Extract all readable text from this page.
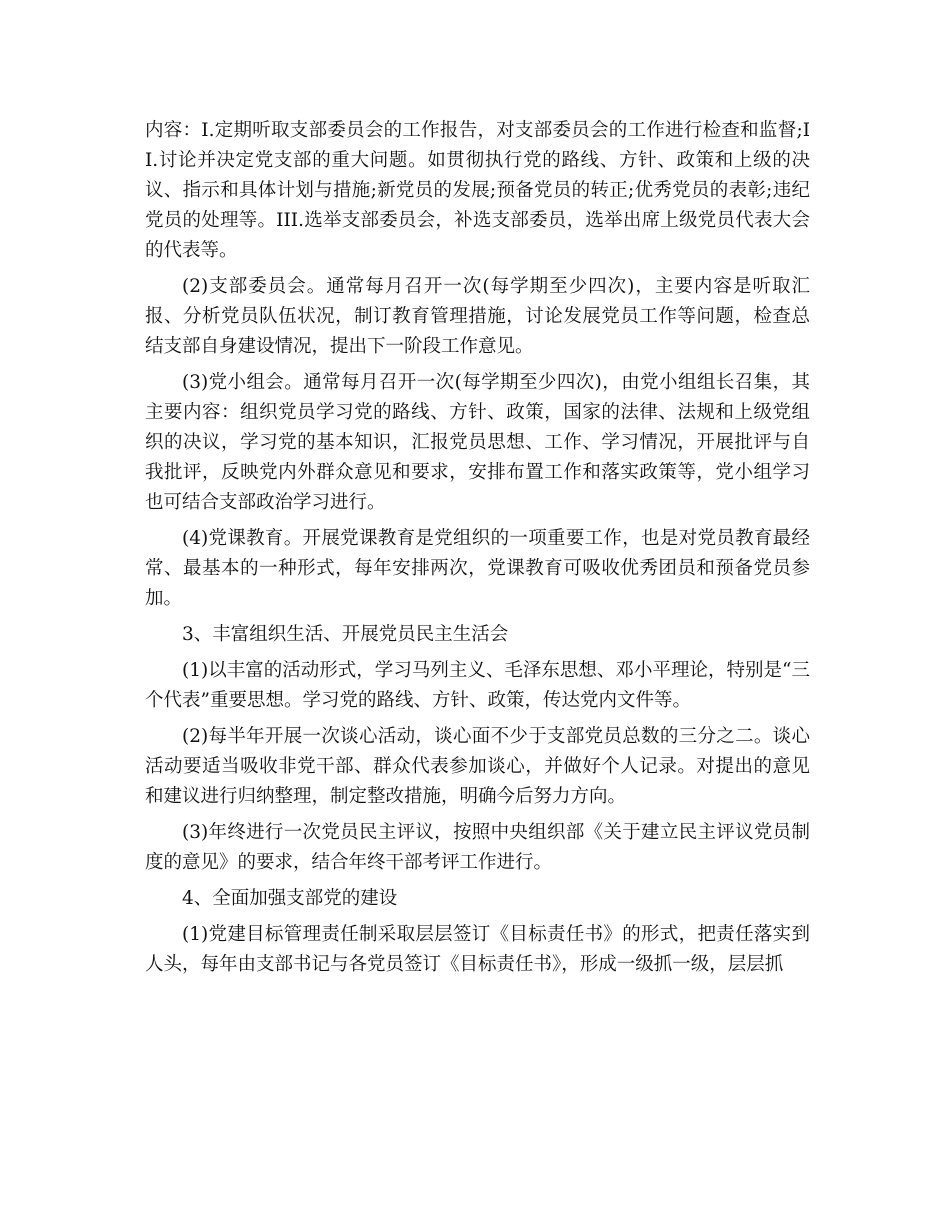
内容：I.定期听取支部委员会的工作报告，对支部委员会的工作进行检查和监督;II.讨论并决定党支部的重大问题。如贯彻执行党的路线、方针、政策和上级的决议、指示和具体计划与措施;新党员的发展;预备党员的转正;优秀党员的表彰;违纪党员的处理等。III.选举支部委员会，补选支部委员，选举出席上级党员代表大会的代表等。

(2)支部委员会。通常每月召开一次(每学期至少四次)，主要内容是听取汇报、分析党员队伍状况，制订教育管理措施，讨论发展党员工作等问题，检查总结支部自身建设情况，提出下一阶段工作意见。

(3)党小组会。通常每月召开一次(每学期至少四次)，由党小组组长召集，其主要内容：组织党员学习党的路线、方针、政策，国家的法律、法规和上级党组织的决议，学习党的基本知识，汇报党员思想、工作、学习情况，开展批评与自我批评，反映党内外群众意见和要求，安排布置工作和落实政策等，党小组学习也可结合支部政治学习进行。

(4)党课教育。开展党课教育是党组织的一项重要工作，也是对党员教育最经常、最基本的一种形式，每年安排两次，党课教育可吸收优秀团员和预备党员参加。

3、丰富组织生活、开展党员民主生活会

(1)以丰富的活动形式，学习马列主义、毛泽东思想、邓小平理论，特别是“三个代表”重要思想。学习党的路线、方针、政策，传达党内文件等。

(2)每半年开展一次谈心活动，谈心面不少于支部党员总数的三分之二。谈心活动要适当吸收非党干部、群众代表参加谈心，并做好个人记录。对提出的意见和建议进行归纳整理，制定整改措施，明确今后努力方向。

(3)年终进行一次党员民主评议，按照中央组织部《关于建立民主评议党员制度的意见》的要求，结合年终干部考评工作进行。

4、全面加强支部党的建设

(1)党建目标管理责任制采取层层签订《目标责任书》的形式，把责任落实到人头，每年由支部书记与各党员签订《目标责任书》，形成一级抓一级，层层抓
